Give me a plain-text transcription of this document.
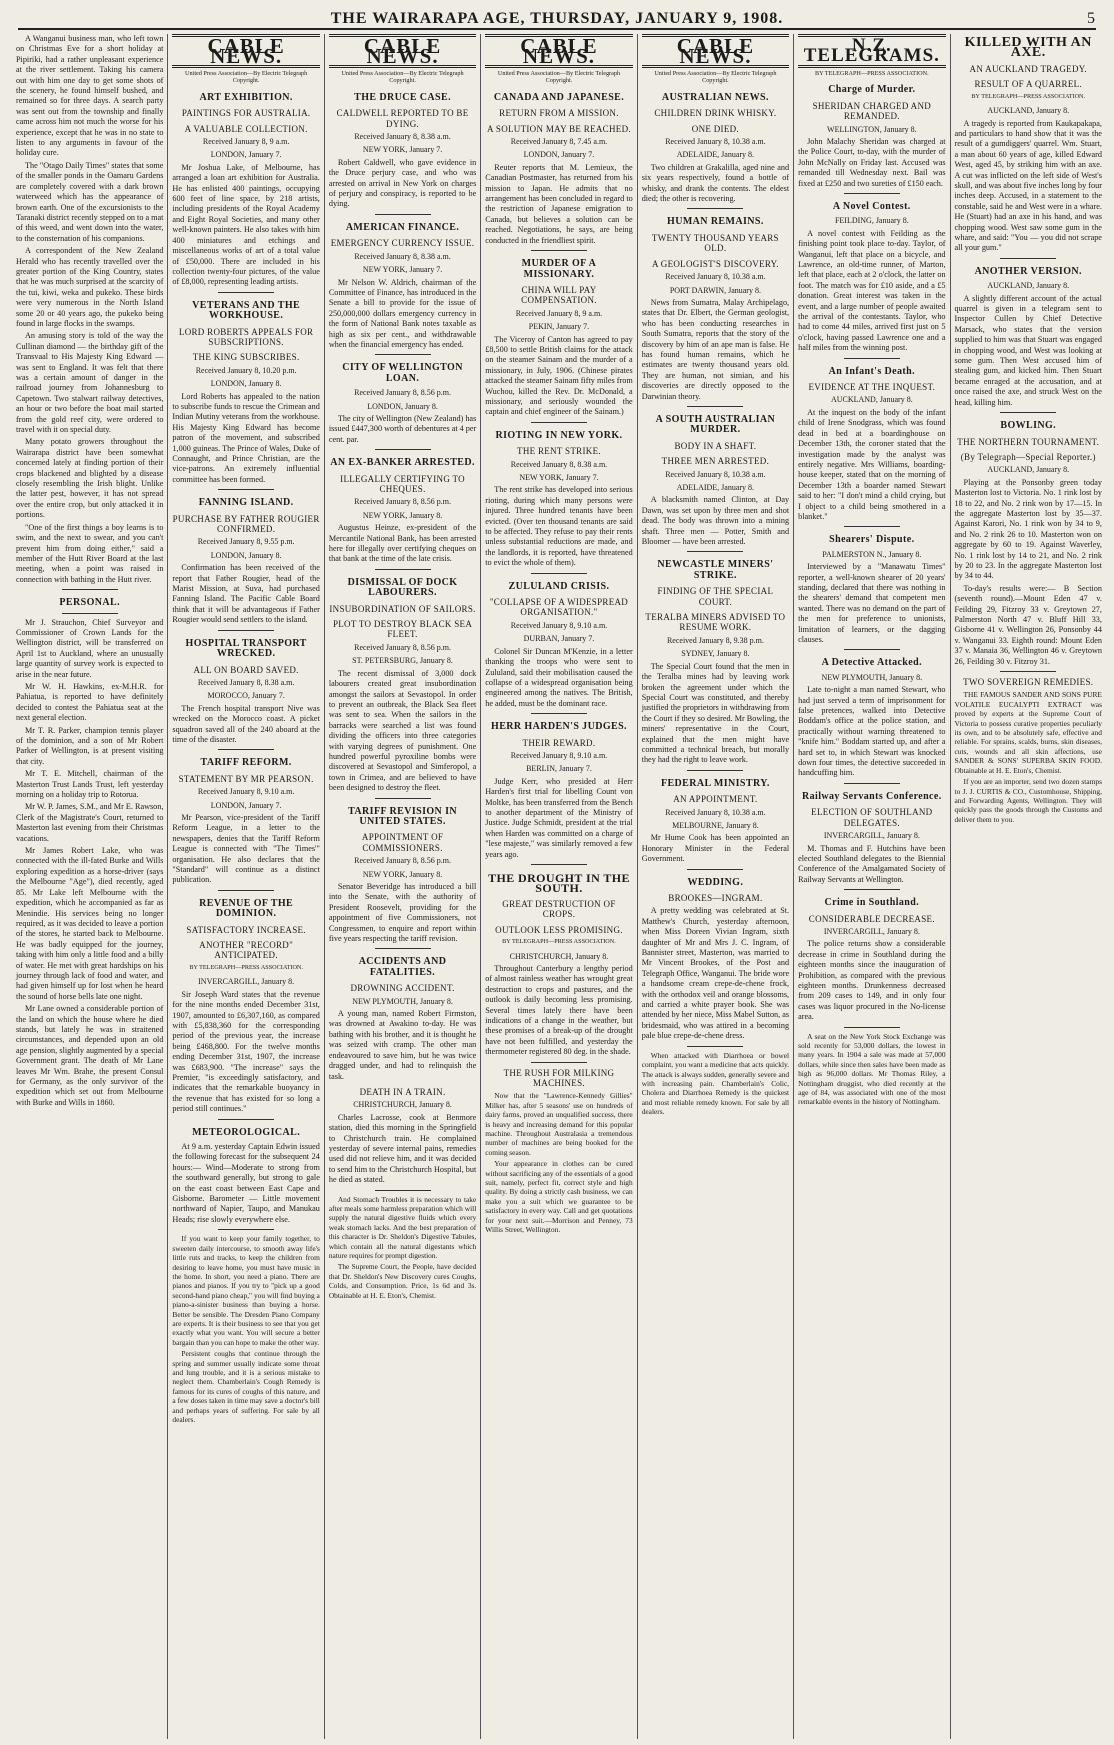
THE WAIRARAPA AGE, THURSDAY, JANUARY 9, 1908.	5

A Wanganui business man, who left town on Christmas Eve for a short holiday at Pipiriki, had a rather unpleasant experience at the river settlement. Taking his camera out with him one day to get some shots of the scenery, he found himself bushed, and remained so for three days. A search party was sent out from the township and finally came across him not much the worse for his experience, except that he was in no state to listen to any arguments in favour of the holiday cure.

The "Otago Daily Times" states that some of the smaller ponds in the Oamaru Gardens are completely covered with a dark brown waterweed which has the appearance of brown earth. One of the excursionists to the Taranaki district recently stepped on to a mat of this weed, and went down into the water, to the consternation of his companions.

A correspondent of the New Zealand Herald who has recently travelled over the greater portion of the King Country, states that he was much surprised at the scarcity of the tui, kiwi, weka and pukeko. These birds were very numerous in the North Island some 20 or 40 years ago, the pukeko being found in large flocks in the swamps.

An amusing story is told of the way the Cullinan diamond — the birthday gift of the Transvaal to His Majesty King Edward — was sent to England. It was felt that there was a certain amount of danger in the railroad journey from Johannesburg to Capetown. Two stalwart railway detectives, an hour or two before the boat mail started from the gold reef city, were ordered to travel with it on special duty.

Many potato growers throughout the Wairarapa district have been somewhat concerned lately at finding portion of their crops blackened and blighted by a disease closely resembling the Irish blight. Unlike the latter pest, however, it has not spread over the entire crop, but only attacked it in portions.

"One of the first things a boy learns is to swim, and the next to swear, and you can't prevent him from doing either," said a member of the Hutt River Board at the last meeting, when a point was raised in connection with bathing in the Hutt river.

PERSONAL.

Mr J. Strauchon, Chief Surveyor and Commissioner of Crown Lands for the Wellington district, will be transferred on April 1st to Auckland, where an unusually large quantity of survey work is expected to arise in the near future.

Mr W. H. Hawkins, ex-M.H.R. for Pahiatua, is reported to have definitely decided to contest the Pahiatua seat at the next general election.

Mr T. R. Parker, champion tennis player of the dominion, and a son of Mr Robert Parker of Wellington, is at present visiting that city.

Mr T. E. Mitchell, chairman of the Masterton Trust Lands Trust, left yesterday morning on a holiday trip to Rotorua.

Mr W. P. James, S.M., and Mr E. Rawson, Clerk of the Magistrate's Court, returned to Masterton last evening from their Christmas vacations.

Mr James Robert Lake, who was connected with the ill-fated Burke and Wills exploring expedition as a horse-driver (says the Melbourne "Age"), died recently, aged 85. Mr Lake left Melbourne with the expedition, which he accompanied as far as Menindie. His services being no longer required, as it was decided to leave a portion of the stores, he started back to Melbourne. He was badly equipped for the journey, taking with him only a little food and a billy of water. He met with great hardships on his journey through lack of food and water, and had given himself up for lost when he heard the sound of horse bells late one night.

Mr Lane owned a considerable portion of the land on which the house where he died stands, but lately he was in straitened circumstances, and depended upon an old age pension, slightly augmented by a special Government grant. The death of Mr Lane leaves Mr Wm. Brahe, the present Consul for Germany, as the only survivor of the expedition which set out from Melbourne with Burke and Wills in 1860.

CABLE NEWS.
United Press Association—By Electric Telegraph Copyright.
ART EXHIBITION.
PAINTINGS FOR AUSTRALIA.
A VALUABLE COLLECTION.
Received January 8, 9 a.m.
LONDON, January 7.

Mr Joshua Lake, of Melbourne, has arranged a loan art exhibition for Australia. He has enlisted 400 paintings, occupying 600 feet of line space, by 218 artists, including presidents of the Royal Academy and Eight Royal Societies, and many other well-known painters. He also takes with him 400 miniatures and etchings and miscellaneous works of art of a total value of £50,000. There are included in his collection twenty-four pictures, of the value of £8,000, representing leading artists.

VETERANS AND THE WORKHOUSE.
LORD ROBERTS APPEALS FOR SUBSCRIPTIONS.
THE KING SUBSCRIBES.
Received January 8, 10.20 p.m.
LONDON, January 8.

Lord Roberts has appealed to the nation to subscribe funds to rescue the Crimean and Indian Mutiny veterans from the workhouse. His Majesty King Edward has become patron of the movement, and subscribed 1,000 guineas. The Prince of Wales, Duke of Connaught, and Prince Christian, are the vice-patrons. An extremely influential committee has been formed.

FANNING ISLAND.
PURCHASE BY FATHER ROUGIER CONFIRMED.
Received January 8, 9.55 p.m.
LONDON, January 8.

Confirmation has been received of the report that Father Rougier, head of the Marist Mission, at Suva, had purchased Fanning Island. The Pacific Cable Board think that it will be advantageous if Father Rougier would send settlers to the island.

HOSPITAL TRANSPORT WRECKED.
ALL ON BOARD SAVED.
Received January 8, 8.38 a.m.
MOROCCO, January 7.

The French hospital transport Nive was wrecked on the Morocco coast. A picket squadron saved all of the 240 aboard at the time of the disaster.

TARIFF REFORM.
STATEMENT BY MR PEARSON.
Received January 8, 9.10 a.m.
LONDON, January 7.

Mr Pearson, vice-president of the Tariff Reform League, in a letter to the newspapers, denies that the Tariff Reform League is connected with "The Times'" organisation. He also declares that the "Standard" will continue as a distinct publication.

REVENUE OF THE DOMINION.
SATISFACTORY INCREASE.
ANOTHER "RECORD" ANTICIPATED.
BY TELEGRAPH—PRESS ASSOCIATION.
INVERCARGILL, January 8.

Sir Joseph Ward states that the revenue for the nine months ended December 31st, 1907, amounted to £6,307,160, as compared with £5,838,360 for the corresponding period of the previous year, the increase being £468,800. For the twelve months ending December 31st, 1907, the increase was £683,900. "The increase" says the Premier, "is exceedingly satisfactory, and indicates that the remarkable buoyancy in the revenue that has existed for so long a period still continues."

METEOROLOGICAL.

At 9 a.m. yesterday Captain Edwin issued the following forecast for the subsequent 24 hours:— Wind—Moderate to strong from the southward generally, but strong to gale on the east coast between East Cape and Gisborne. Barometer — Little movement northward of Napier, Taupo, and Manukau Heads; rise slowly everywhere else.

If you want to keep your family together, to sweeten daily intercourse, to smooth away life's little ruts and tracks, to keep the children from desiring to leave home, you must have music in the home. In short, you need a piano. There are pianos and pianos. If you try to "pick up a good second-hand piano cheap," you will find buying a piano-a-sinister business than buying a horse. Better be sensible. The Dresden Piano Company are experts. It is their business to see that you get exactly what you want. You will secure a better bargain than you can hope to make the other way.

Persistent coughs that continue through the spring and summer usually indicate some throat and lung trouble, and it is a serious mistake to neglect them. Chamberlain's Cough Remedy is famous for its cures of coughs of this nature, and a few doses taken in time may save a doctor's bill and perhaps years of suffering. For sale by all dealers.

CABLE NEWS.
United Press Association—By Electric Telegraph Copyright.
THE DRUCE CASE.
CALDWELL REPORTED TO BE DYING.
Received January 8, 8.38 a.m.
NEW YORK, January 7.

Robert Caldwell, who gave evidence in the Druce perjury case, and who was arrested on arrival in New York on charges of perjury and conspiracy, is reported to be dying.

AMERICAN FINANCE.
EMERGENCY CURRENCY ISSUE.
Received January 8, 8.38 a.m.
NEW YORK, January 7.

Mr Nelson W. Aldrich, chairman of the Committee of Finance, has introduced in the Senate a bill to provide for the issue of 250,000,000 dollars emergency currency in the form of National Bank notes taxable as high as six per cent., and withdrawable when the financial emergency has ended.

CITY OF WELLINGTON LOAN.
Received January 8, 8.56 p.m.
LONDON, January 8.

The city of Wellington (New Zealand) has issued £447,300 worth of debentures at 4 per cent. par.

AN EX-BANKER ARRESTED.
ILLEGALLY CERTIFYING TO CHEQUES.
Received January 8, 8.56 p.m.
NEW YORK, January 8.

Augustus Heinze, ex-president of the Mercantile National Bank, has been arrested here for illegally over certifying cheques on that bank at the time of the late crisis.

DISMISSAL OF DOCK LABOURERS.
INSUBORDINATION OF SAILORS.
PLOT TO DESTROY BLACK SEA FLEET.
Received January 8, 8.56 p.m.
ST. PETERSBURG, January 8.

The recent dismissal of 3,000 dock labourers created great insubordination amongst the sailors at Sevastopol. In order to prevent an outbreak, the Black Sea fleet was sent to sea. When the sailors in the barracks were searched a list was found dividing the officers into three categories with varying degrees of punishment. One hundred powerful pyroxiline bombs were discovered at Sevastopol and Simferopol, a town in Crimea, and are believed to have been designed to destroy the fleet.

TARIFF REVISION IN UNITED STATES.
APPOINTMENT OF COMMISSIONERS.
Received January 8, 8.56 p.m.
NEW YORK, January 8.

Senator Beveridge has introduced a bill into the Senate, with the authority of President Roosevelt, providing for the appointment of five Commissioners, not Congressmen, to enquire and report within five years respecting the tariff revision.

ACCIDENTS AND FATALITIES.
DROWNING ACCIDENT.
NEW PLYMOUTH, January 8.

A young man, named Robert Firmston, was drowned at Awakino to-day. He was bathing with his brother, and it is thought he was seized with cramp. The other man endeavoured to save him, but he was twice dragged under, and had to relinquish the task.

DEATH IN A TRAIN.
CHRISTCHURCH, January 8.

Charles Lacrosse, cook at Benmore station, died this morning in the Springfield to Christchurch train. He complained yesterday of severe internal pains, remedies used did not relieve him, and it was decided to send him to the Christchurch Hospital, but he died as stated.

And Stomach Troubles it is necessary to take after meals some harmless preparation which will supply the natural digestive fluids which every weak stomach lacks. And the best preparation of this character is Dr. Sheldon's Digestive Tabules, which contain all the natural digestants which nature requires for prompt digestion.

The Supreme Court, the People, have decided that Dr. Sheldon's New Discovery cures Coughs, Colds, and Consumption. Price, 1s 6d and 3s. Obtainable at H. E. Eton's, Chemist.

CABLE NEWS.
United Press Association—By Electric Telegraph Copyright.
CANADA AND JAPANESE.
RETURN FROM A MISSION.
A SOLUTION MAY BE REACHED.
Received January 8, 7.45 a.m.
LONDON, January 7.

Reuter reports that M. Lemieux, the Canadian Postmaster, has returned from his mission to Japan. He admits that no arrangement has been concluded in regard to the restriction of Japanese emigration to Canada, but believes a solution can be reached. Negotiations, he says, are being conducted in the friendliest spirit.

MURDER OF A MISSIONARY.
CHINA WILL PAY COMPENSATION.
Received January 8, 9 a.m.
PEKIN, January 7.

The Viceroy of Canton has agreed to pay £8,500 to settle British claims for the attack on the steamer Sainam and the murder of a missionary, in July, 1906. (Chinese pirates attacked the steamer Sainam fifty miles from Wuchou, killed the Rev. Dr. McDonald, a missionary, and seriously wounded the captain and chief engineer of the Sainam.)

RIOTING IN NEW YORK.
THE RENT STRIKE.
Received January 8, 8.38 a.m.
NEW YORK, January 7.

The rent strike has developed into serious rioting, during which many persons were injured. Three hundred tenants have been evicted. (Over ten thousand tenants are said to be affected. They refuse to pay their rents unless substantial reductions are made, and the landlords, it is reported, have threatened to evict the whole of them).

ZULULAND CRISIS.
"COLLAPSE OF A WIDESPREAD ORGANISATION."
Received January 8, 9.10 a.m.
DURBAN, January 7.

Colonel Sir Duncan M'Kenzie, in a letter thanking the troops who were sent to Zululand, said their mobilisation caused the collapse of a widespread organisation being engineered among the natives. The British, he added, must be the dominant race.

HERR HARDEN'S JUDGES.
THEIR REWARD.
Received January 8, 9.10 a.m.
BERLIN, January 7.

Judge Kerr, who presided at Herr Harden's first trial for libelling Count von Moltke, has been transferred from the Bench to another department of the Ministry of Justice. Judge Schmidt, president at the trial when Harden was committed on a charge of "lese majeste," was similarly removed a few years ago.

THE DROUGHT IN THE SOUTH.
GREAT DESTRUCTION OF CROPS.
OUTLOOK LESS PROMISING.
BY TELEGRAPH—PRESS ASSOCIATION.
CHRISTCHURCH, January 8.

Throughout Canterbury a lengthy period of almost rainless weather has wrought great destruction to crops and pastures, and the outlook is daily becoming less promising. Several times lately there have been indications of a change in the weather, but these promises of a break-up of the drought have not been fulfilled, and yesterday the thermometer registered 80 deg. in the shade.

THE RUSH FOR MILKING MACHINES.

Now that the "Lawrence-Kennedy Gillies" Milker has, after 5 seasons' use on hundreds of dairy farms, proved an unqualified success, there is heavy and increasing demand for this popular machine. Throughout Australasia a tremendous number of machines are being booked for the coming season.

Your appearance in clothes can be cured without sacrificing any of the essentials of a good suit, namely, perfect fit, correct style and high quality. By doing a strictly cash business, we can make you a suit which we guarantee to be satisfactory in every way. Call and get quotations for your next suit.—Morrison and Penney, 73 Willis Street, Wellington.

CABLE NEWS.
United Press Association—By Electric Telegraph Copyright.
AUSTRALIAN NEWS.
CHILDREN DRINK WHISKY.
ONE DIED.
Received January 8, 10.38 a.m.
ADELAIDE, January 8.

Two children at Grakalilla, aged nine and six years respectively, found a bottle of whisky, and drank the contents. The eldest died; the other is recovering.

HUMAN REMAINS.
TWENTY THOUSAND YEARS OLD.
A GEOLOGIST'S DISCOVERY.
Received January 8, 10.38 a.m.
PORT DARWIN, January 8.

News from Sumatra, Malay Archipelago, states that Dr. Elbert, the German geologist, who has been conducting researches in South Sumatra, reports that the story of the discovery by him of an ape man is false. He has found human remains, which he estimates are twenty thousand years old. They are human, not simian, and his discoveries are directly opposed to the Darwinian theory.

A SOUTH AUSTRALIAN MURDER.
BODY IN A SHAFT.
THREE MEN ARRESTED.
Received January 8, 10.38 a.m.
ADELAIDE, January 8.

A blacksmith named Clinton, at Day Dawn, was set upon by three men and shot dead. The body was thrown into a mining shaft. Three men — Potter, Smith and Bloomer — have been arrested.

NEWCASTLE MINERS' STRIKE.
FINDING OF THE SPECIAL COURT.
TERALBA MINERS ADVISED TO RESUME WORK.
Received January 8, 9.38 p.m.
SYDNEY, January 8.

The Special Court found that the men in the Teralba mines had by leaving work broken the agreement under which the Special Court was constituted, and thereby justified the proprietors in withdrawing from the Court if they so desired. Mr Bowling, the miners' representative in the Court, explained that the men might have committed a technical breach, but morally they had the right to leave work.

FEDERAL MINISTRY.
AN APPOINTMENT.
Received January 8, 10.38 a.m.
MELBOURNE, January 8.

Mr Hume Cook has been appointed an Honorary Minister in the Federal Government.

WEDDING.
BROOKES—INGRAM.

A pretty wedding was celebrated at St. Matthew's Church, yesterday afternoon, when Miss Doreen Vivian Ingram, sixth daughter of Mr and Mrs J. C. Ingram, of Bannister street, Masterton, was married to Mr Vincent Brookes, of the Post and Telegraph Office, Wanganui. The bride wore a handsome cream crepe-de-chene frock, with the orthodox veil and orange blossoms, and carried a white prayer book. She was attended by her niece, Miss Mabel Sutton, as bridesmaid, who was attired in a becoming pale blue crepe-de-chene dress.

When attacked with Diarrhoea or bowel complaint, you want a medicine that acts quickly. The attack is always sudden, generally severe and with increasing pain. Chamberlain's Colic, Cholera and Diarrhoea Remedy is the quickest and most reliable remedy known. For sale by all dealers.

N.Z. TELEGRAMS.
BY TELEGRAPH—PRESS ASSOCIATION.
Charge of Murder.
SHERIDAN CHARGED AND REMANDED.
WELLINGTON, January 8.

John Malachy Sheridan was charged at the Police Court, to-day, with the murder of John McNally on Friday last. Accused was remanded till Wednesday next. Bail was fixed at £250 and two sureties of £150 each.

A Novel Contest.
FEILDING, January 8.

A novel contest with Feilding as the finishing point took place to-day. Taylor, of Wanganui, left that place on a bicycle, and Lawrence, an old-time runner, of Marton, left that place, each at 2 o'clock, the latter on foot. The match was for £10 aside, and a £5 donation. Great interest was taken in the event, and a large number of people awaited the arrival of the contestants. Taylor, who had to come 44 miles, arrived first just on 5 o'clock, having passed Lawrence one and a half miles from the winning post.

An Infant's Death.
EVIDENCE AT THE INQUEST.
AUCKLAND, January 8.

At the inquest on the body of the infant child of Irene Snodgrass, which was found dead in bed at a boardinghouse on December 13th, the coroner stated that the investigation made by the analyst was entirely negative. Mrs Williams, boarding-house keeper, stated that on the morning of December 13th a boarder named Stewart said to her: "I don't mind a child crying, but I object to a child being smothered in a blanket."

Shearers' Dispute.
PALMERSTON N., January 8.

Interviewed by a "Manawatu Times" reporter, a well-known shearer of 20 years' standing, declared that there was nothing in the shearers' demand that competent men wanted. There was no demand on the part of the men for preference to unionists, limitation of learners, or the dagging clauses.

A Detective Attacked.
NEW PLYMOUTH, January 8.

Late to-night a man named Stewart, who had just served a term of imprisonment for false pretences, walked into Detective Boddam's office at the police station, and practically without warning threatened to "knife him." Boddam started up, and after a hard set to, in which Stewart was knocked down four times, the detective succeeded in handcuffing him.

Railway Servants Conference.
ELECTION OF SOUTHLAND DELEGATES.
INVERCARGILL, January 8.

M. Thomas and F. Hutchins have been elected Southland delegates to the Biennial Conference of the Amalgamated Society of Railway Servants at Wellington.

Crime in Southland.
CONSIDERABLE DECREASE.
INVERCARGILL, January 8.

The police returns show a considerable decrease in crime in Southland during the eighteen months since the inauguration of Prohibition, as compared with the previous eighteen months. Drunkenness decreased from 209 cases to 149, and in only four cases was liquor procured in the No-license area.

A seat on the New York Stock Exchange was sold recently for 53,000 dollars, the lowest in many years. In 1904 a sale was made at 57,000 dollars, while since then sales have been made as high as 96,000 dollars. Mr Thomas Riley, a Nottingham druggist, who died recently at the age of 84, was associated with one of the most remarkable events in the history of Nottingham.

KILLED WITH AN AXE.
AN AUCKLAND TRAGEDY.
RESULT OF A QUARREL.
BY TELEGRAPH—PRESS ASSOCIATION.
AUCKLAND, January 8.

A tragedy is reported from Kaukapakapa, and particulars to hand show that it was the result of a gumdiggers' quarrel. Wm. Stuart, a man about 60 years of age, killed Edward West, aged 45, by striking him with an axe. A cut was inflicted on the left side of West's skull, and was about five inches long by four inches deep. Accused, in a statement to the constable, said he and West were in a whare. He (Stuart) had an axe in his hand, and was chopping wood. West saw some gum in the whare, and said: "You — you did not scrape all your gum."

ANOTHER VERSION.
AUCKLAND, January 8.

A slightly different account of the actual quarrel is given in a telegram sent to Inspector Cullen by Chief Detective Marsack, who states that the version supplied to him was that Stuart was engaged in chopping wood, and West was looking at some gum. Then West accused him of stealing gum, and kicked him. Then Stuart became enraged at the accusation, and at once raised the axe, and struck West on the head, killing him.

BOWLING.
THE NORTHERN TOURNAMENT.
(By Telegraph—Special Reporter.)
AUCKLAND, January 8.

Playing at the Ponsonby green today Masterton lost to Victoria. No. 1 rink lost by 18 to 22, and No. 2 rink won by 17—15. In the aggregate Masterton lost by 35—37. Against Karori, No. 1 rink won by 34 to 9, and No. 2 rink 26 to 10. Masterton won on aggregate by 60 to 19. Against Waverley, No. 1 rink lost by 14 to 21, and No. 2 rink by 20 to 23. In the aggregate Masterton lost by 34 to 44.

To-day's results were:— B Section (seventh round).—Mount Eden 47 v. Feilding 29, Fitzroy 33 v. Greytown 27, Palmerston North 47 v. Bluff Hill 33, Gisborne 41 v. Wellington 26, Ponsonby 44 v. Wanganui 33. Eighth round: Mount Eden 37 v. Manaia 36, Wellington 46 v. Greytown 26, Feilding 30 v. Fitzroy 31.

TWO SOVEREIGN REMEDIES.

THE FAMOUS SANDER AND SONS PURE VOLATILE EUCALYPTI EXTRACT was proved by experts at the Supreme Court of Victoria to possess curative properties peculiarly its own, and to be absolutely safe, effective and reliable. For sprains, scalds, burns, skin diseases, cuts, wounds and all skin affections, use SANDER & SONS' SUPERBA SKIN FOOD. Obtainable at H. E. Eton's, Chemist.

If you are an importer, send two dozen stamps to J. J. CURTIS & CO., Customhouse, Shipping, and Forwarding Agents, Wellington. They will quickly pass the goods through the Customs and deliver them to you.
